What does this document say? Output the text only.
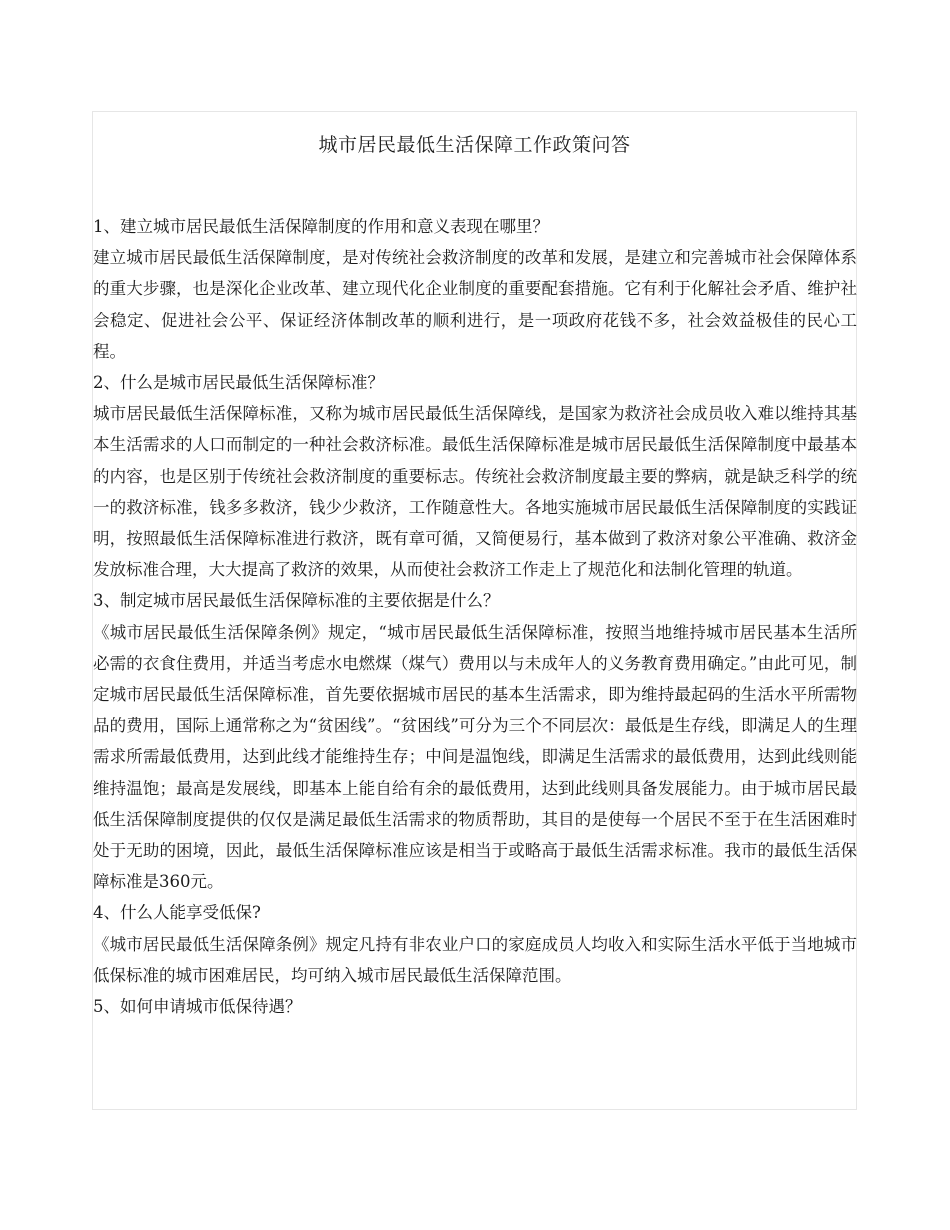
城市居民最低生活保障工作政策问答

1、建立城市居民最低生活保障制度的作用和意义表现在哪里？

建立城市居民最低生活保障制度，是对传统社会救济制度的改革和发展，是建立和完善城市社会保障体系的重大步骤，也是深化企业改革、建立现代化企业制度的重要配套措施。它有利于化解社会矛盾、维护社会稳定、促进社会公平、保证经济体制改革的顺利进行，是一项政府花钱不多，社会效益极佳的民心工程。

2、什么是城市居民最低生活保障标准？

城市居民最低生活保障标准，又称为城市居民最低生活保障线，是国家为救济社会成员收入难以维持其基本生活需求的人口而制定的一种社会救济标准。最低生活保障标准是城市居民最低生活保障制度中最基本的内容，也是区别于传统社会救济制度的重要标志。传统社会救济制度最主要的弊病，就是缺乏科学的统一的救济标准，钱多多救济，钱少少救济，工作随意性大。各地实施城市居民最低生活保障制度的实践证明，按照最低生活保障标准进行救济，既有章可循，又简便易行，基本做到了救济对象公平准确、救济金发放标准合理，大大提高了救济的效果，从而使社会救济工作走上了规范化和法制化管理的轨道。

3、制定城市居民最低生活保障标准的主要依据是什么？

《城市居民最低生活保障条例》规定，“城市居民最低生活保障标准，按照当地维持城市居民基本生活所必需的衣食住费用，并适当考虑水电燃煤（煤气）费用以与未成年人的义务教育费用确定。”由此可见，制定城市居民最低生活保障标准，首先要依据城市居民的基本生活需求，即为维持最起码的生活水平所需物品的费用，国际上通常称之为“贫困线”。“贫困线”可分为三个不同层次：最低是生存线，即满足人的生理需求所需最低费用，达到此线才能维持生存；中间是温饱线，即满足生活需求的最低费用，达到此线则能维持温饱；最高是发展线，即基本上能自给有余的最低费用，达到此线则具备发展能力。由于城市居民最低生活保障制度提供的仅仅是满足最低生活需求的物质帮助，其目的是使每一个居民不至于在生活困难时处于无助的困境，因此，最低生活保障标准应该是相当于或略高于最低生活需求标准。我市的最低生活保障标准是360元。

4、什么人能享受低保?

《城市居民最低生活保障条例》规定凡持有非农业户口的家庭成员人均收入和实际生活水平低于当地城市低保标准的城市困难居民，均可纳入城市居民最低生活保障范围。

5、如何申请城市低保待遇？
